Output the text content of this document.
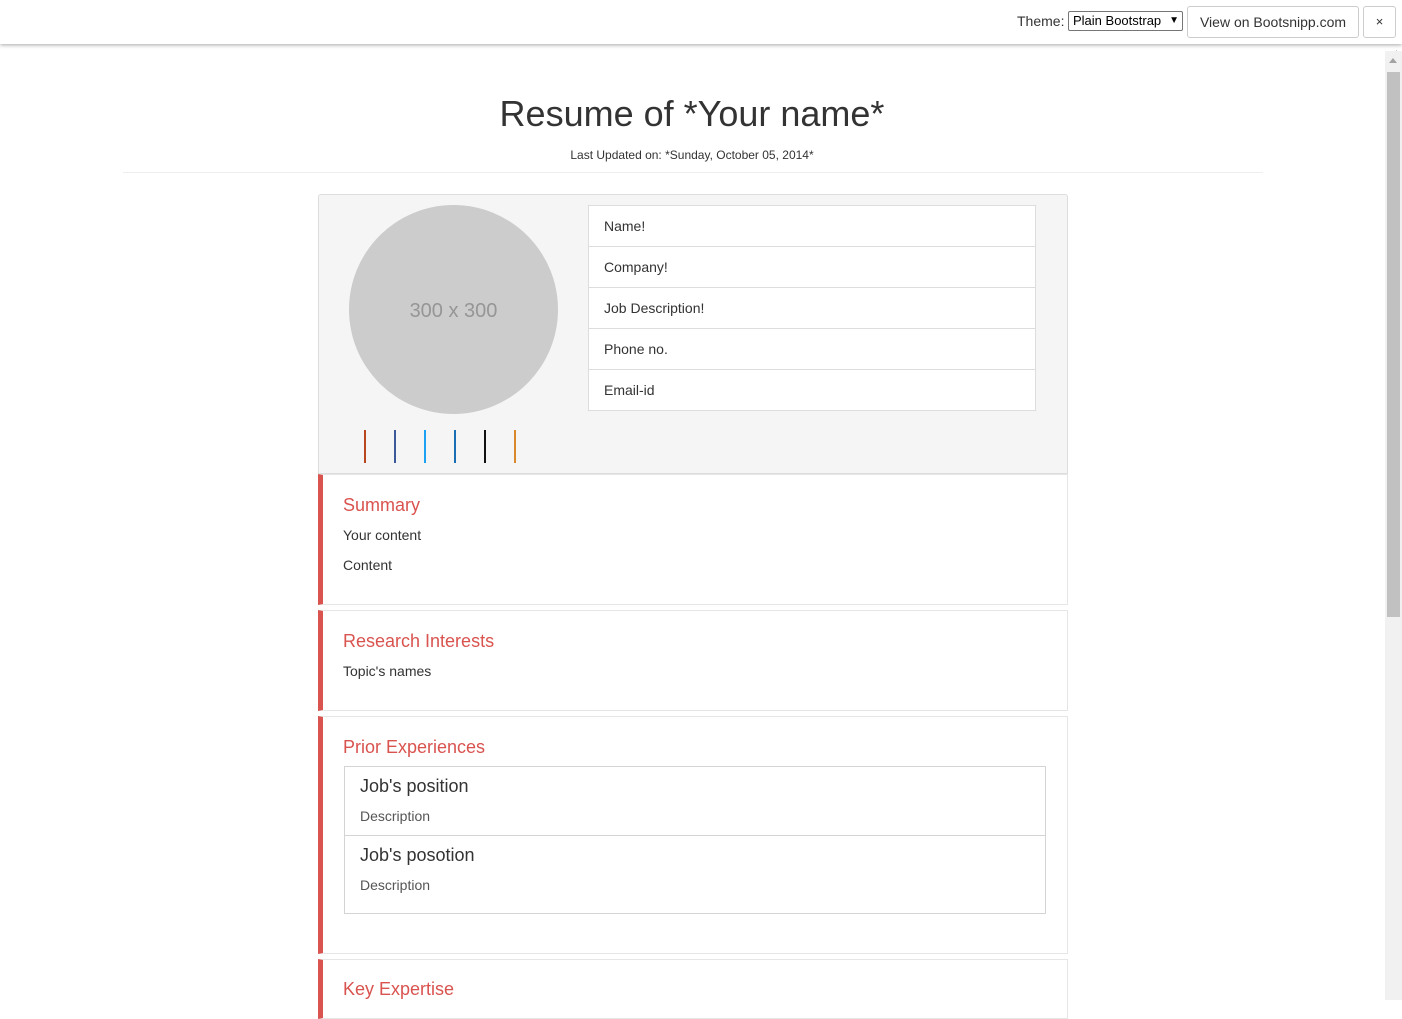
Theme: Plain Bootstrap ▼	View on Bootsnipp.com	×
Resume of *Your name*
Last Updated on: *Sunday, October 05, 2014*
300 x 300
Name!
Company!
Job Description!
Phone no.
Email-id
Summary
Your content
Content
Research Interests
Topic's names
Prior Experiences
Job's position
Description
Job's posotion
Description
Key Expertise
